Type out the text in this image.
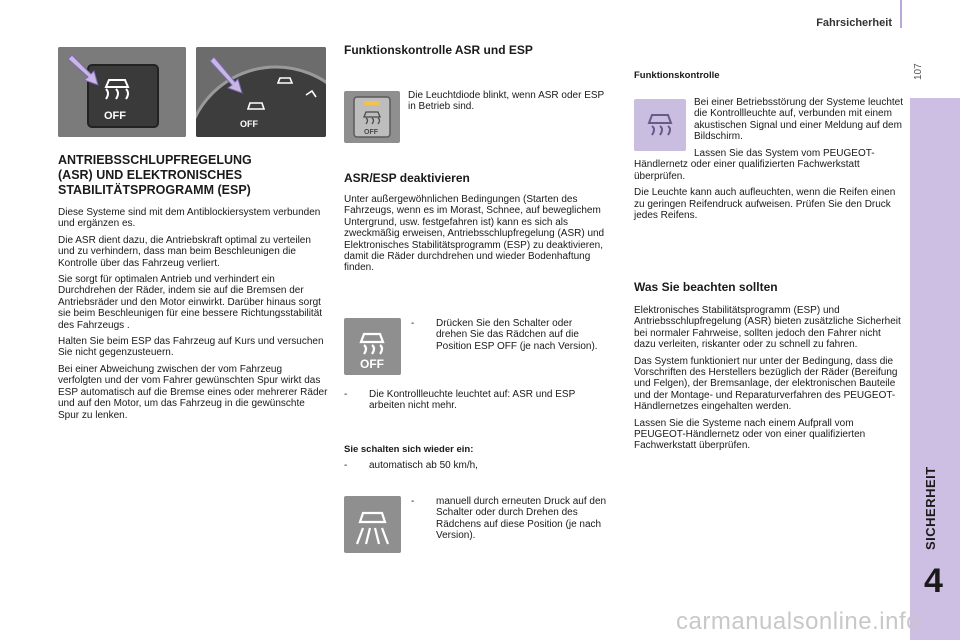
Fahrsicherheit
107
SICHERHEIT
4
OFF
OFF
ANTRIEBSSCHLUPFREGELUNG
(ASR) UND ELEKTRONISCHES
STABILITÄTSPROGRAMM (ESP)

Diese Systeme sind mit dem Antiblockiersystem verbunden und ergänzen es.

Die ASR dient dazu, die Antriebskraft optimal zu verteilen und zu verhindern, dass man beim Beschleunigen die Kontrolle über das Fahrzeug verliert.

Sie sorgt für optimalen Antrieb und verhindert ein Durchdrehen der Räder, indem sie auf die Bremsen der Antriebsräder und den Motor einwirkt. Darüber hinaus sorgt sie beim Beschleunigen für eine bessere Richtungsstabilität des Fahrzeugs .

Halten Sie beim ESP das Fahrzeug auf Kurs und versuchen Sie nicht gegenzusteuern.

Bei einer Abweichung zwischen der vom Fahrzeug verfolgten und der vom Fahrer gewünschten Spur wirkt das ESP automatisch auf die Bremse eines oder mehrerer Räder und auf den Motor, um das Fahrzeug in die gewünschte Spur zu lenken.

Funktionskontrolle ASR und ESP
OFF
Die Leuchtdiode blinkt, wenn ASR oder ESP in Betrieb sind.
ASR/ESP deaktivieren
Unter außergewöhnlichen Bedingungen (Starten des Fahrzeugs, wenn es im Morast, Schnee, auf beweglichem Untergrund, usw. festgefahren ist) kann es sich als zweckmäßig erweisen, Antriebsschlupfregelung (ASR) und Elektronisches Stabilitätsprogramm (ESP) zu deaktivieren, damit die Räder durchdrehen und wieder Bodenhaftung finden.
OFF
- Drücken Sie den Schalter oder drehen Sie das Rädchen auf die Position ESP OFF (je nach Version).
- Die Kontrollleuchte leuchtet auf: ASR und ESP arbeiten nicht mehr.
Sie schalten sich wieder ein:
- automatisch ab 50 km/h,
- manuell durch erneuten Druck auf den Schalter oder durch Drehen des Rädchens auf diese Position (je nach Version).
Funktionskontrolle

Bei einer Betriebsstörung der Systeme leuchtet die Kontrollleuchte auf, verbunden mit einem akustischen Signal und einer Meldung auf dem Bildschirm.

Lassen Sie das System vom PEUGEOT-Händlernetz oder einer qualifizierten Fachwerkstatt überprüfen.

Die Leuchte kann auch aufleuchten, wenn die Reifen einen zu geringen Reifendruck aufweisen. Prüfen Sie den Druck jedes Reifens.

Was Sie beachten sollten

Elektronisches Stabilitätsprogramm (ESP) und Antriebsschlupfregelung (ASR) bieten zusätzliche Sicherheit bei normaler Fahrweise, sollten jedoch den Fahrer nicht dazu verleiten, riskanter oder zu schnell zu fahren.

Das System funktioniert nur unter der Bedingung, dass die Vorschriften des Herstellers bezüglich der Räder (Bereifung und Felgen), der Bremsanlage, der elektronischen Bauteile und der Montage- und Reparaturverfahren des PEUGEOT-Händlernetzes eingehalten werden.

Lassen Sie die Systeme nach einem Aufprall vom PEUGEOT-Händlernetz oder von einer qualifizierten Fachwerkstatt überprüfen.

carmanualsonline.info
